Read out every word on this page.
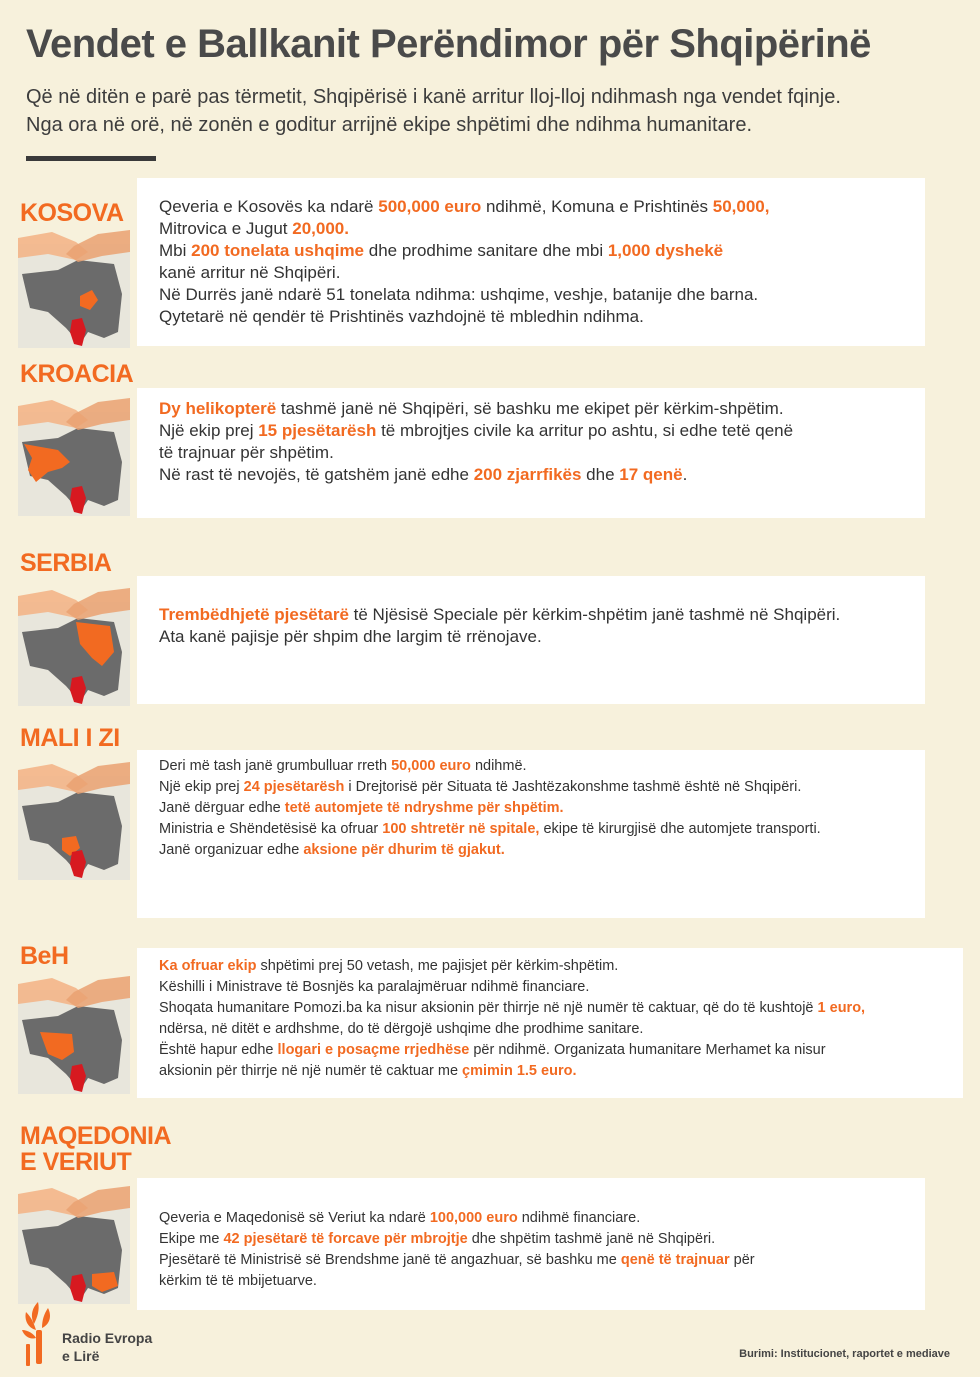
Vendet e Ballkanit Perëndimor për Shqipërinë
Që në ditën e parë pas tërmetit, Shqipërisë i kanë arritur lloj-lloj ndihmash nga vendet fqinje.
Nga ora në orë, në zonën e goditur arrijnë ekipe shpëtimi dhe ndihma humanitare.
KOSOVA Qeveria e Kosovës ka ndarë 500,000 euro ndihmë, Komuna e Prishtinës 50,000,
Mitrovica e Jugut 20,000.
Mbi 200 tonelata ushqime dhe prodhime sanitare dhe mbi 1,000 dyshekë
kanë arritur në Shqipëri.
Në Durrës janë ndarë 51 tonelata ndihma: ushqime, veshje, batanije dhe barna.
Qytetarë në qendër të Prishtinës vazhdojnë të mbledhin ndihma.
KROACIA
Dy helikopterë tashmë janë në Shqipëri, së bashku me ekipet për kërkim-shpëtim.
Një ekip prej 15 pjesëtarësh të mbrojtjes civile ka arritur po ashtu, si edhe tetë qenë
të trajnuar për shpëtim.
Në rast të nevojës, të gatshëm janë edhe 200 zjarrfikës dhe 17 qenë.
SERBIA
Trembëdhjetë pjesëtarë të Njësisë Speciale për kërkim-shpëtim janë tashmë në Shqipëri.
Ata kanë pajisje për shpim dhe largim të rrënojave.
MALI I ZI
Deri më tash janë grumbulluar rreth 50,000 euro ndihmë.
Një ekip prej 24 pjesëtarësh i Drejtorisë për Situata të Jashtëzakonshme tashmë është në Shqipëri.
Janë dërguar edhe tetë automjete të ndryshme për shpëtim.
Ministria e Shëndetësisë ka ofruar 100 shtretër në spitale, ekipe të kirurgjisë dhe automjete transporti.
Janë organizuar edhe aksione për dhurim të gjakut.
BeH	Ka ofruar ekip shpëtimi prej 50 vetash, me pajisjet për kërkim-shpëtim.
Këshilli i Ministrave të Bosnjës ka paralajmëruar ndihmë financiare.
Shoqata humanitare Pomozi.ba ka nisur aksionin për thirrje në një numër të caktuar, që do të kushtojë 1 euro,
ndërsa, në ditët e ardhshme, do të dërgojë ushqime dhe prodhime sanitare.
Është hapur edhe llogari e posaçme rrjedhëse për ndihmë. Organizata humanitare Merhamet ka nisur
aksionin për thirrje në një numër të caktuar me çmimin 1.5 euro.
MAQEDONIA
E VERIUT
Qeveria e Maqedonisë së Veriut ka ndarë 100,000 euro ndihmë financiare.
Ekipe me 42 pjesëtarë të forcave për mbrojtje dhe shpëtim tashmë janë në Shqipëri.
Pjesëtarë të Ministrisë së Brendshme janë të angazhuar, së bashku me qenë të trajnuar për
kërkim të të mbijetuarve.
Radio Evropa
e Lirë	Burimi: Institucionet, raportet e mediave
